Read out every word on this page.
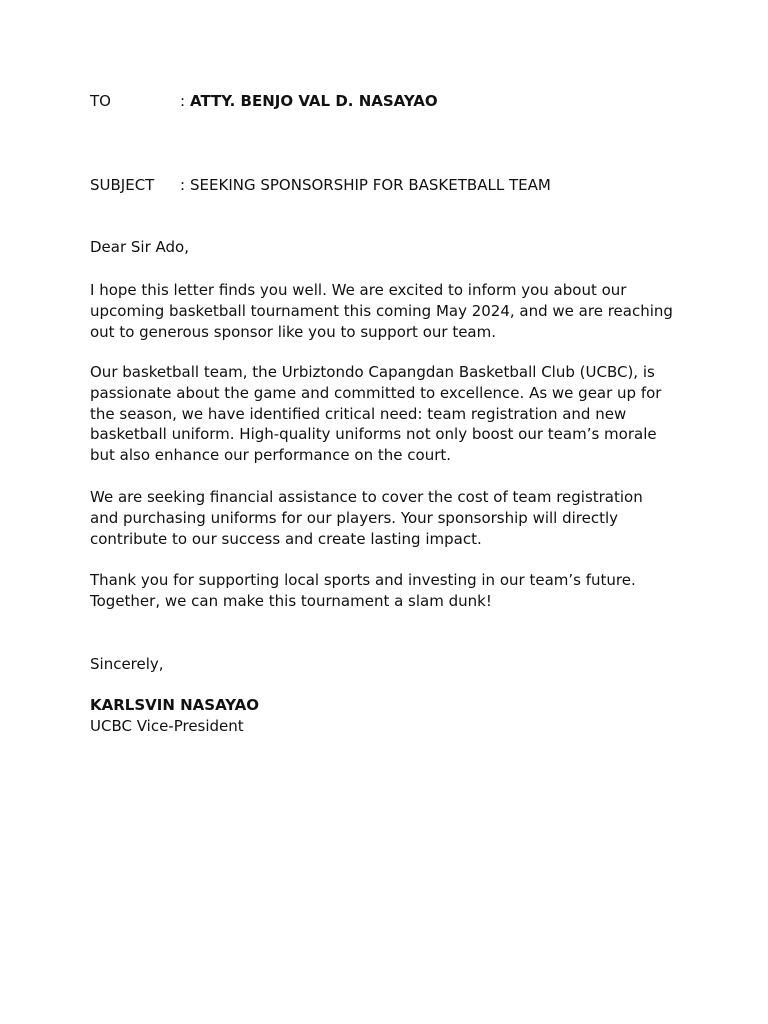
TO	: ATTY. BENJO VAL D. NASAYAO
SUBJECT : SEEKING SPONSORSHIP FOR BASKETBALL TEAM
Dear Sir Ado,

I hope this letter finds you well. We are excited to inform you about our

upcoming basketball tournament this coming May 2024, and we are reaching

out to generous sponsor like you to support our team.

Our basketball team, the Urbiztondo Capangdan Basketball Club (UCBC), is

passionate about the game and committed to excellence. As we gear up for

the season, we have identified critical need: team registration and new

basketball uniform. High-quality uniforms not only boost our team’s morale

but also enhance our performance on the court.

We are seeking financial assistance to cover the cost of team registration

and purchasing uniforms for our players. Your sponsorship will directly

contribute to our success and create lasting impact.

Thank you for supporting local sports and investing in our team’s future.

Together, we can make this tournament a slam dunk!

Sincerely,
KARLSVIN NASAYAO
UCBC Vice-President
